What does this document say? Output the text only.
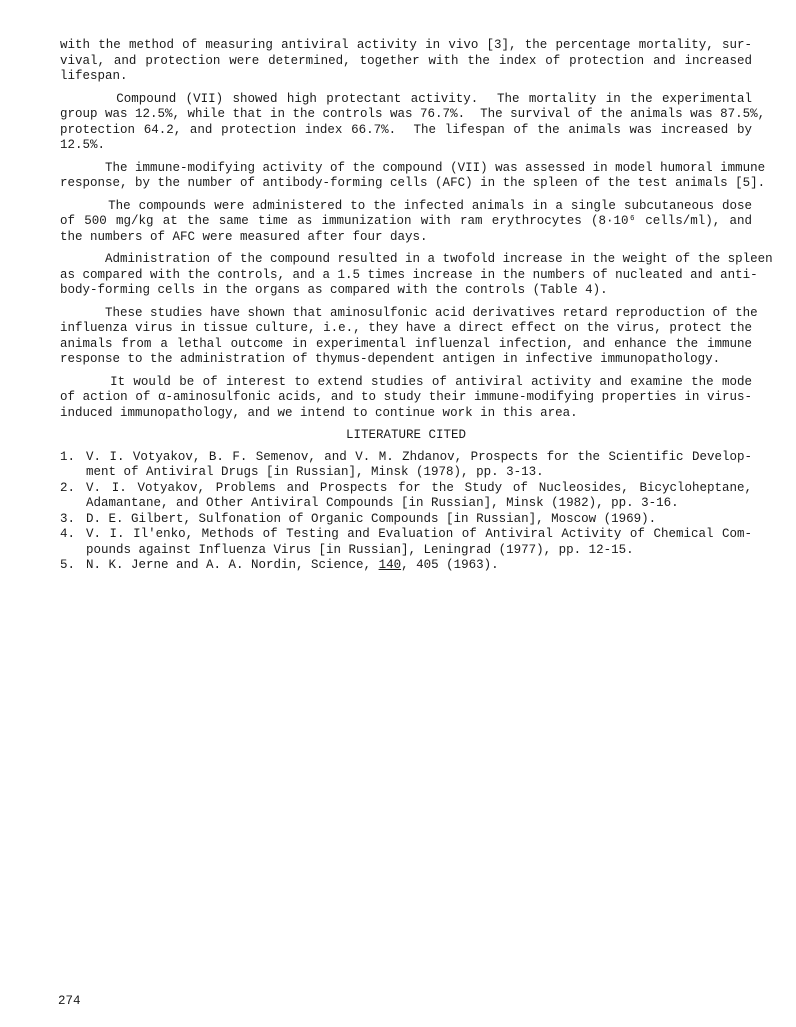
with the method of measuring antiviral activity in vivo [3], the percentage mortality, sur-
vival, and protection were determined, together with the index of protection and increased
lifespan.
Compound (VII) showed high protectant activity.  The mortality in the experimental
group was 12.5%, while that in the controls was 76.7%.  The survival of the animals was 87.5%,
protection 64.2, and protection index 66.7%.  The lifespan of the animals was increased by
12.5%.
The immune-modifying activity of the compound (VII) was assessed in model humoral immune
response, by the number of antibody-forming cells (AFC) in the spleen of the test animals [5].
The compounds were administered to the infected animals in a single subcutaneous dose
of 500 mg/kg at the same time as immunization with ram erythrocytes (8·10⁶ cells/ml), and
the numbers of AFC were measured after four days.
Administration of the compound resulted in a twofold increase in the weight of the spleen
as compared with the controls, and a 1.5 times increase in the numbers of nucleated and anti-
body-forming cells in the organs as compared with the controls (Table 4).
These studies have shown that aminosulfonic acid derivatives retard reproduction of the
influenza virus in tissue culture, i.e., they have a direct effect on the virus, protect the
animals from a lethal outcome in experimental influenzal infection, and enhance the immune
response to the administration of thymus-dependent antigen in infective immunopathology.
It would be of interest to extend studies of antiviral activity and examine the mode
of action of α-aminosulfonic acids, and to study their immune-modifying properties in virus-
induced immunopathology, and we intend to continue work in this area.
LITERATURE CITED
1. V. I. Votyakov, B. F. Semenov, and V. M. Zhdanov, Prospects for the Scientific Develop-
ment of Antiviral Drugs [in Russian], Minsk (1978), pp. 3-13.
2. V. I. Votyakov, Problems and Prospects for the Study of Nucleosides, Bicycloheptane,
Adamantane, and Other Antiviral Compounds [in Russian], Minsk (1982), pp. 3-16.
3. D. E. Gilbert, Sulfonation of Organic Compounds [in Russian], Moscow (1969).
4. V. I. Il'enko, Methods of Testing and Evaluation of Antiviral Activity of Chemical Com-
pounds against Influenza Virus [in Russian], Leningrad (1977), pp. 12-15.
5. N. K. Jerne and A. A. Nordin, Science, 140, 405 (1963).
274
